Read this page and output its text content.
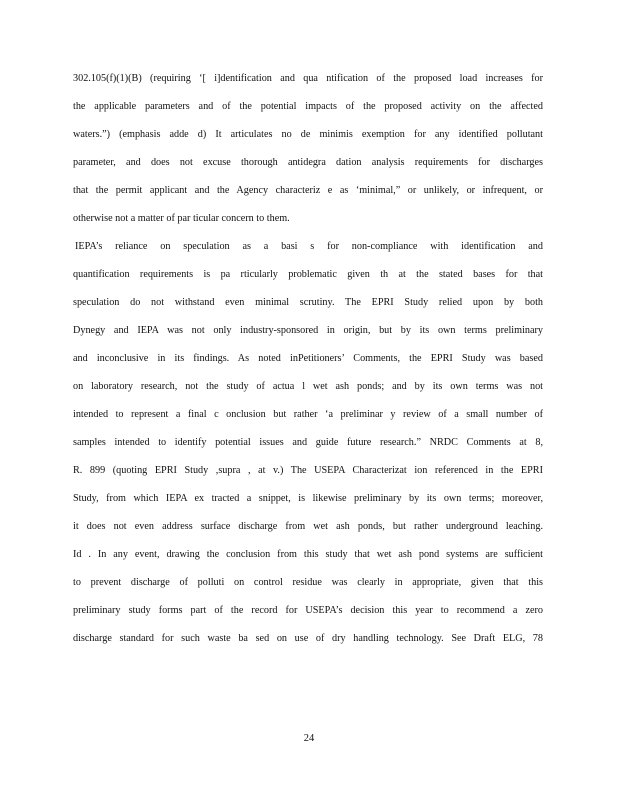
302.105(f)(1)(B) (requiring ‘[ i]dentification and qua ntification of the proposed load increases for
the applicable parameters and of the potential impacts of the proposed activity on the affected
waters.”) (emphasis adde d) It articulates no de minimis exemption for any identified pollutant
parameter, and does not excuse thorough antidegra dation analysis requirements for discharges
that the permit applicant and the Agency characteriz e as ‘minimal,” or unlikely, or infrequent, or
otherwise not a matter of par ticular concern to them.
IEPA’s reliance on speculation as a basi s for non-compliance with identification and
quantification requirements is pa rticularly problematic given th at the stated bases for that
speculation do not withstand even minimal scrutiny. The EPRI Study relied upon by both
Dynegy and IEPA was not only industry-sponsored in origin, but by its own terms preliminary
and inconclusive in its findings. As noted inPetitioners’ Comments, the EPRI Study was based
on laboratory research, not the study of actua l wet ash ponds; and by its own terms was not
intended to represent a final c onclusion but rather ‘a preliminar y review of a small number of
samples intended to identify potential issues and guide future research.” NRDC Comments at 8,
R. 899 (quoting EPRI Study ,supra , at v.) The USEPA Characterizat ion referenced in the EPRI
Study, from which IEPA ex tracted a snippet, is likewise preliminary by its own terms; moreover,
it does not even address surface discharge from wet ash ponds, but rather underground leaching.
Id . In any event, drawing the conclusion from this study that wet ash pond systems are sufficient
to prevent discharge of polluti on control residue was clearly in appropriate, given that this
preliminary study forms part of the record for USEPA’s decision this year to recommend a zero
discharge standard for such waste ba sed on use of dry handling technology. See Draft ELG, 78
24
